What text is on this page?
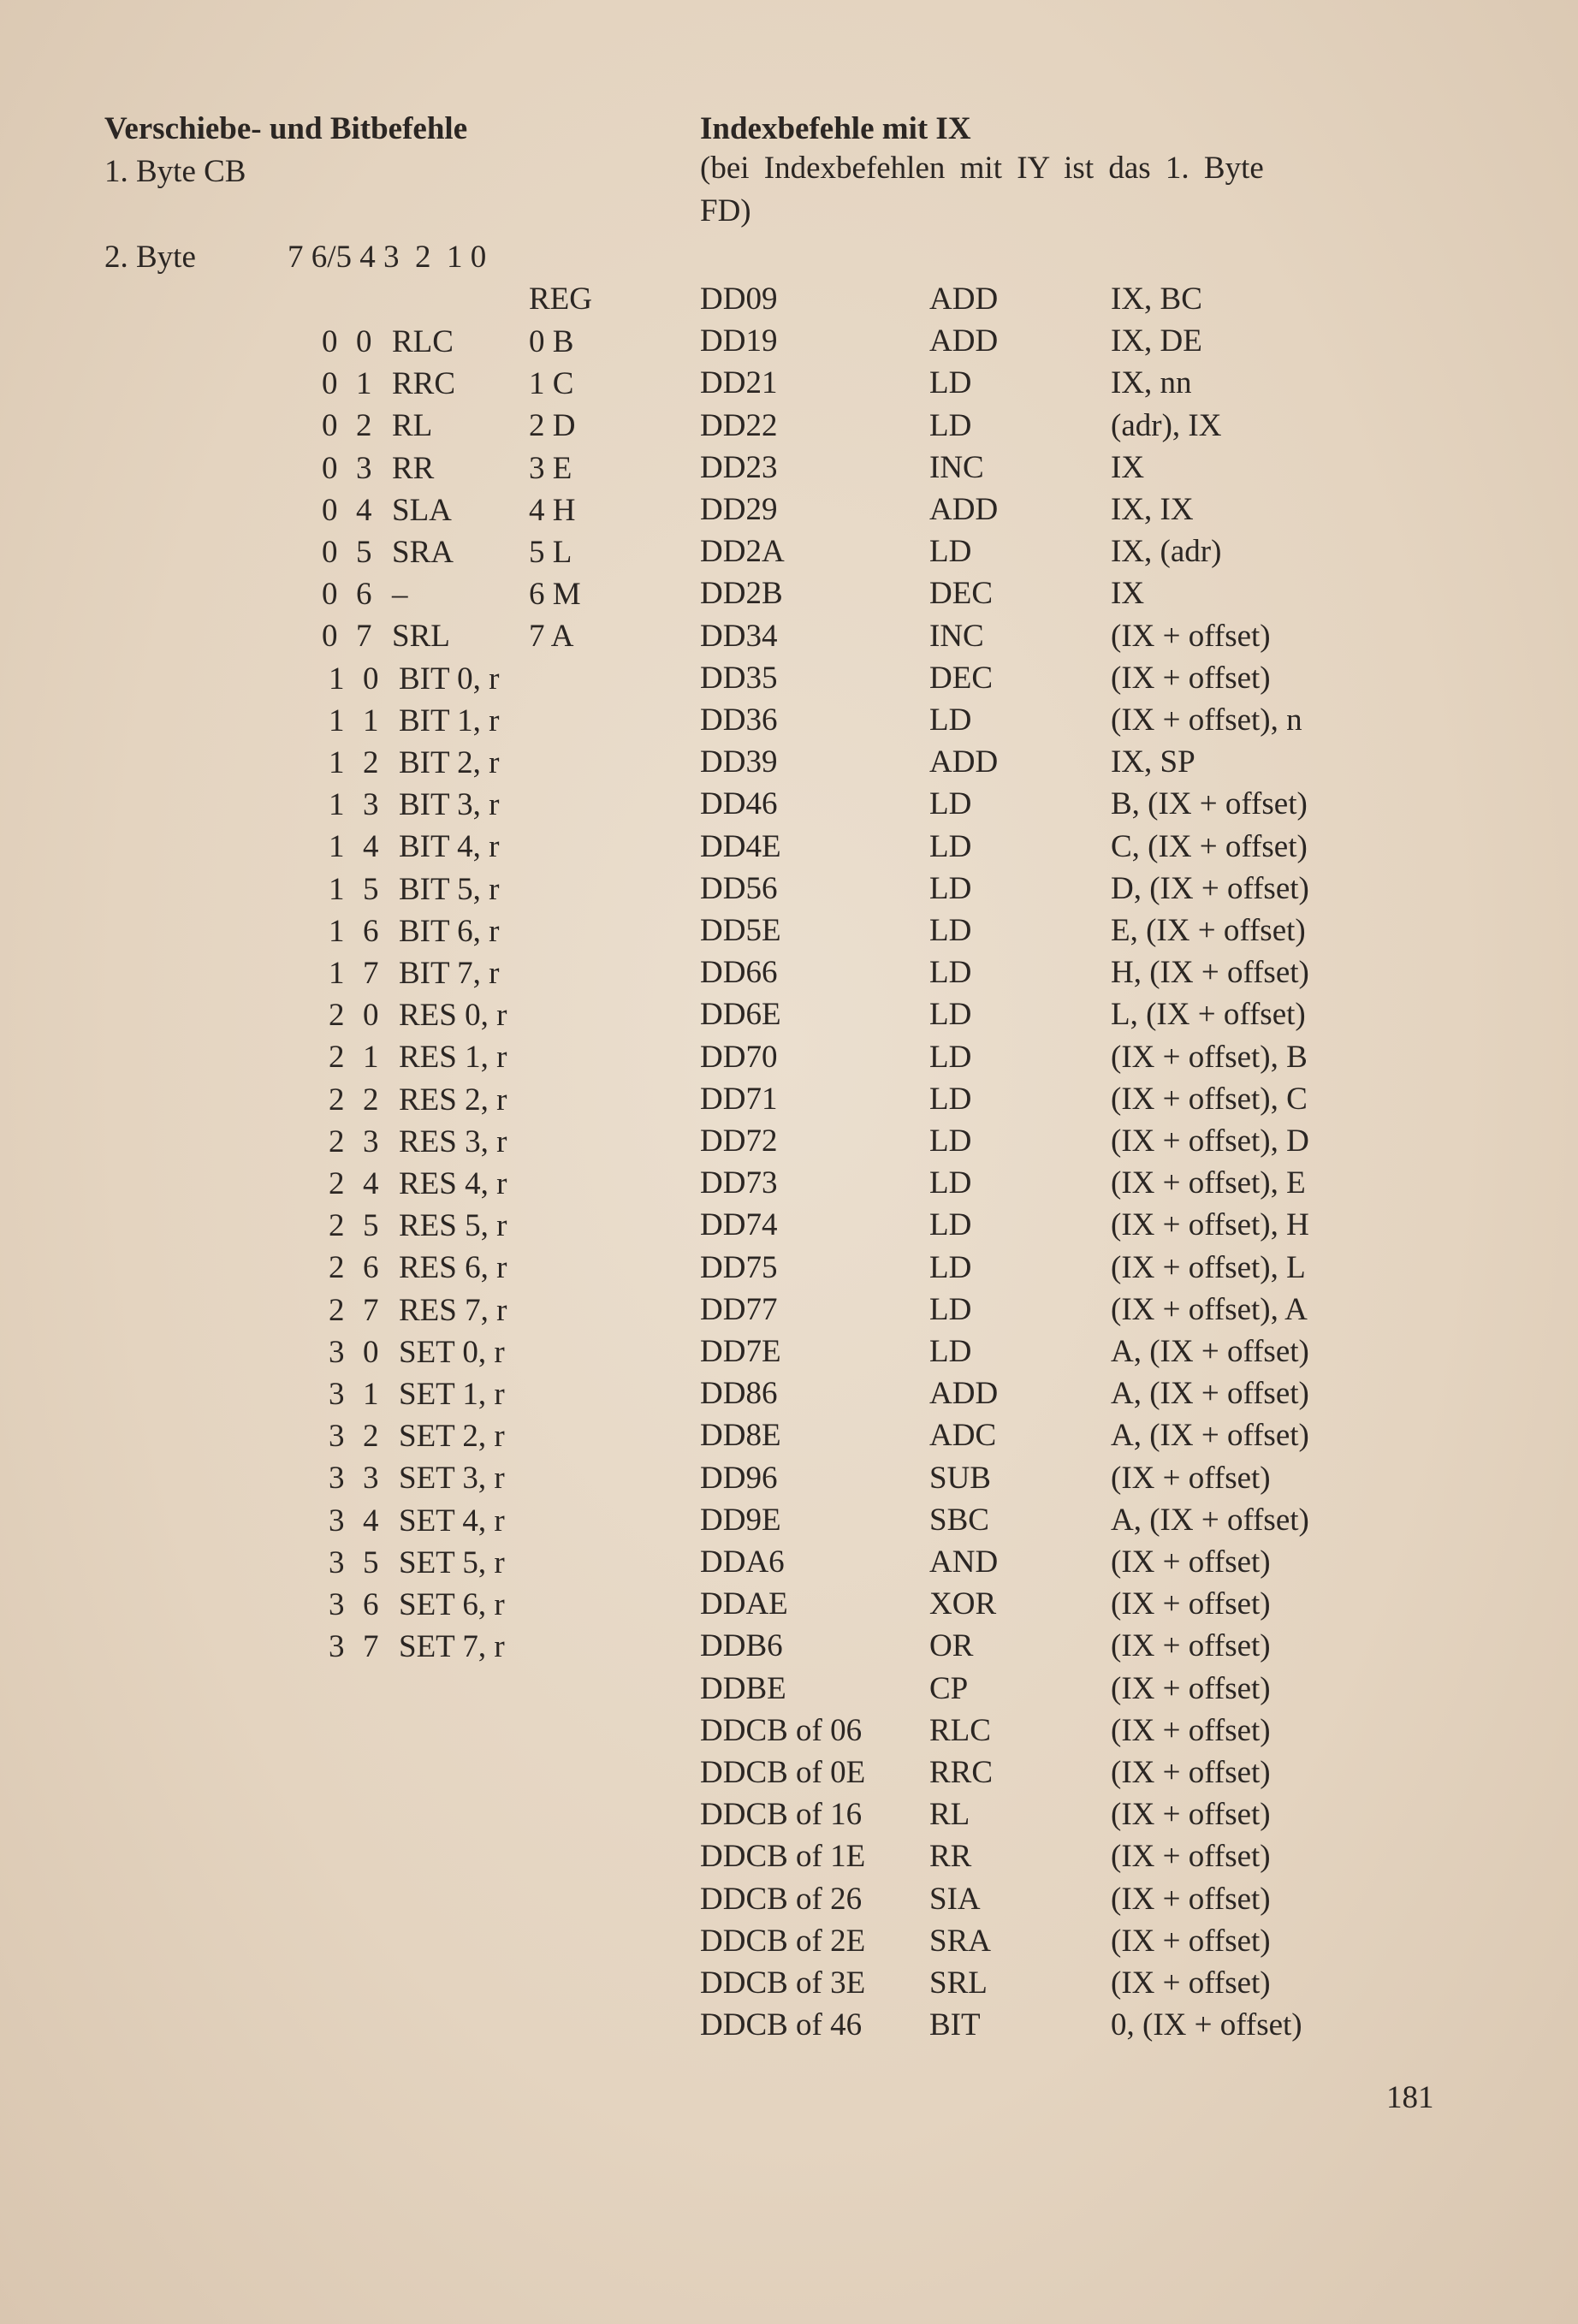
Verschiebe- und Bitbefehle
1. Byte CB
2. Byte	7 6/5 4 3  2  1 0
REG
0 0 RLC 0 B
0 1 RRC 1 C
0 2 RL	2 D
0 3 RR	3 E
0 4 SLA 4 H
0 5 SRA 5 L
0 6 –	6 M
0 7 SRL 7 A
1 0 BIT 0, r
1 1 BIT 1, r
1 2 BIT 2, r
1 3 BIT 3, r
1 4 BIT 4, r
1 5 BIT 5, r
1 6 BIT 6, r
1 7 BIT 7, r
2 0 RES 0, r
2 1 RES 1, r
2 2 RES 2, r
2 3 RES 3, r
2 4 RES 4, r
2 5 RES 5, r
2 6 RES 6, r
2 7 RES 7, r
3 0 SET 0, r
3 1 SET 1, r
3 2 SET 2, r
3 3 SET 3, r
3 4 SET 4, r
3 5 SET 5, r
3 6 SET 6, r
3 7 SET 7, r
Indexbefehle mit IX
(bei Indexbefehlen mit IY ist das 1. Byte
FD)
DD09	ADD	IX, BC
DD19	ADD	IX, DE
DD21	LD	IX, nn
DD22	LD	(adr), IX
DD23	INC	IX
DD29	ADD	IX, IX
DD2A	LD	IX, (adr)
DD2B	DEC	IX
DD34	INC	(IX + offset)
DD35	DEC	(IX + offset)
DD36	LD	(IX + offset), n
DD39	ADD	IX, SP
DD46	LD	B, (IX + offset)
DD4E	LD	C, (IX + offset)
DD56	LD	D, (IX + offset)
DD5E	LD	E, (IX + offset)
DD66	LD	H, (IX + offset)
DD6E	LD	L, (IX + offset)
DD70	LD	(IX + offset), B
DD71	LD	(IX + offset), C
DD72	LD	(IX + offset), D
DD73	LD	(IX + offset), E
DD74	LD	(IX + offset), H
DD75	LD	(IX + offset), L
DD77	LD	(IX + offset), A
DD7E	LD	A, (IX + offset)
DD86	ADD	A, (IX + offset)
DD8E	ADC	A, (IX + offset)
DD96	SUB	(IX + offset)
DD9E	SBC	A, (IX + offset)
DDA6	AND	(IX + offset)
DDAE	XOR	(IX + offset)
DDB6	OR	(IX + offset)
DDBE	CP	(IX + offset)
DDCB of 06 RLC	(IX + offset)
DDCB of 0E RRC	(IX + offset)
DDCB of 16 RL	(IX + offset)
DDCB of 1E RR	(IX + offset)
DDCB of 26 SIA	(IX + offset)
DDCB of 2E SRA	(IX + offset)
DDCB of 3E SRL	(IX + offset)
DDCB of 46 BIT	0, (IX + offset)
181
